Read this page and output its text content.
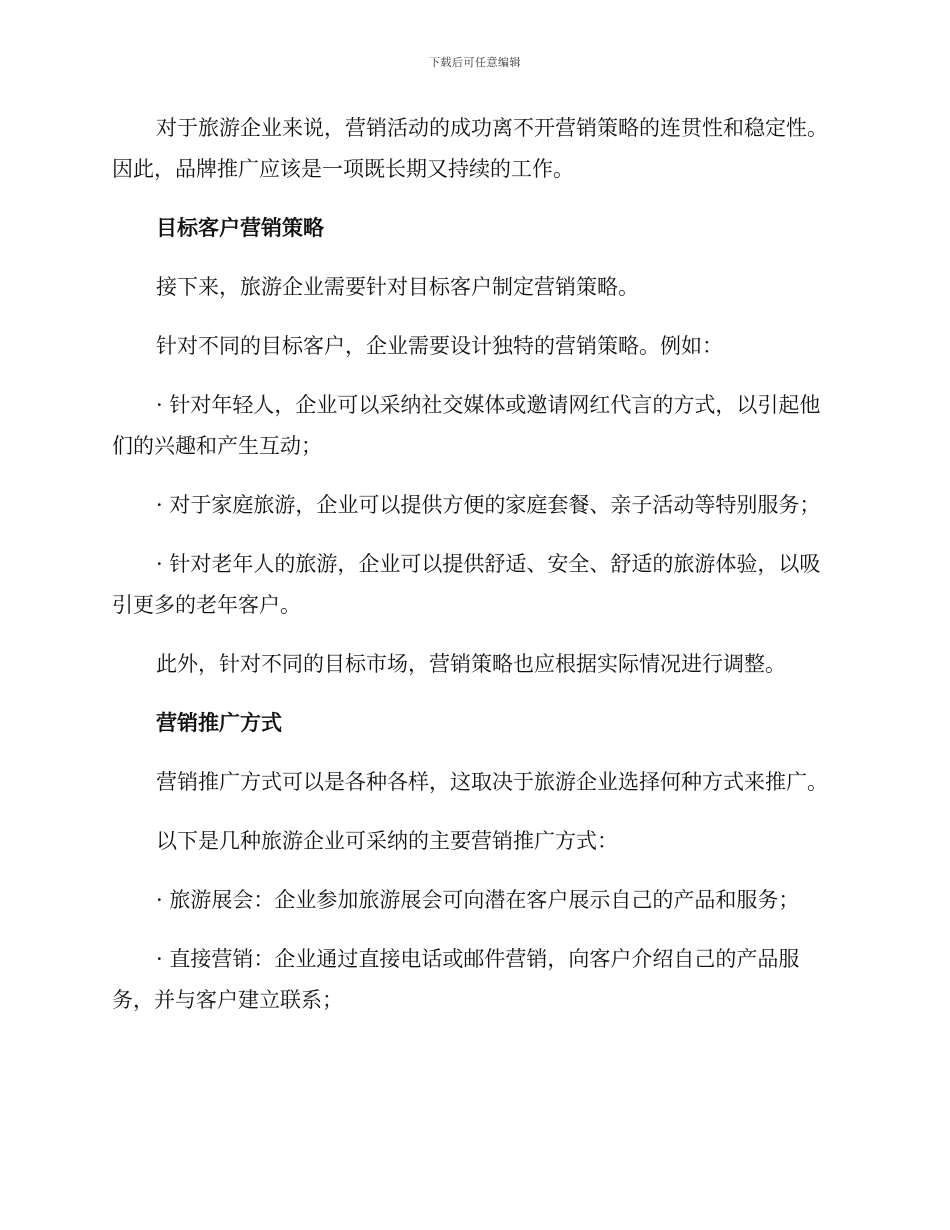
下载后可任意编辑

对于旅游企业来说，营销活动的成功离不开营销策略的连贯性和稳定性。因此，品牌推广应该是一项既长期又持续的工作。

目标客户营销策略

接下来，旅游企业需要针对目标客户制定营销策略。

针对不同的目标客户，企业需要设计独特的营销策略。例如：

· 针对年轻人，企业可以采纳社交媒体或邀请网红代言的方式，以引起他们的兴趣和产生互动；

· 对于家庭旅游，企业可以提供方便的家庭套餐、亲子活动等特别服务；

· 针对老年人的旅游，企业可以提供舒适、安全、舒适的旅游体验，以吸引更多的老年客户。

此外，针对不同的目标市场，营销策略也应根据实际情况进行调整。

营销推广方式

营销推广方式可以是各种各样，这取决于旅游企业选择何种方式来推广。

以下是几种旅游企业可采纳的主要营销推广方式：

· 旅游展会：企业参加旅游展会可向潜在客户展示自己的产品和服务；

· 直接营销：企业通过直接电话或邮件营销，向客户介绍自己的产品服务，并与客户建立联系；
